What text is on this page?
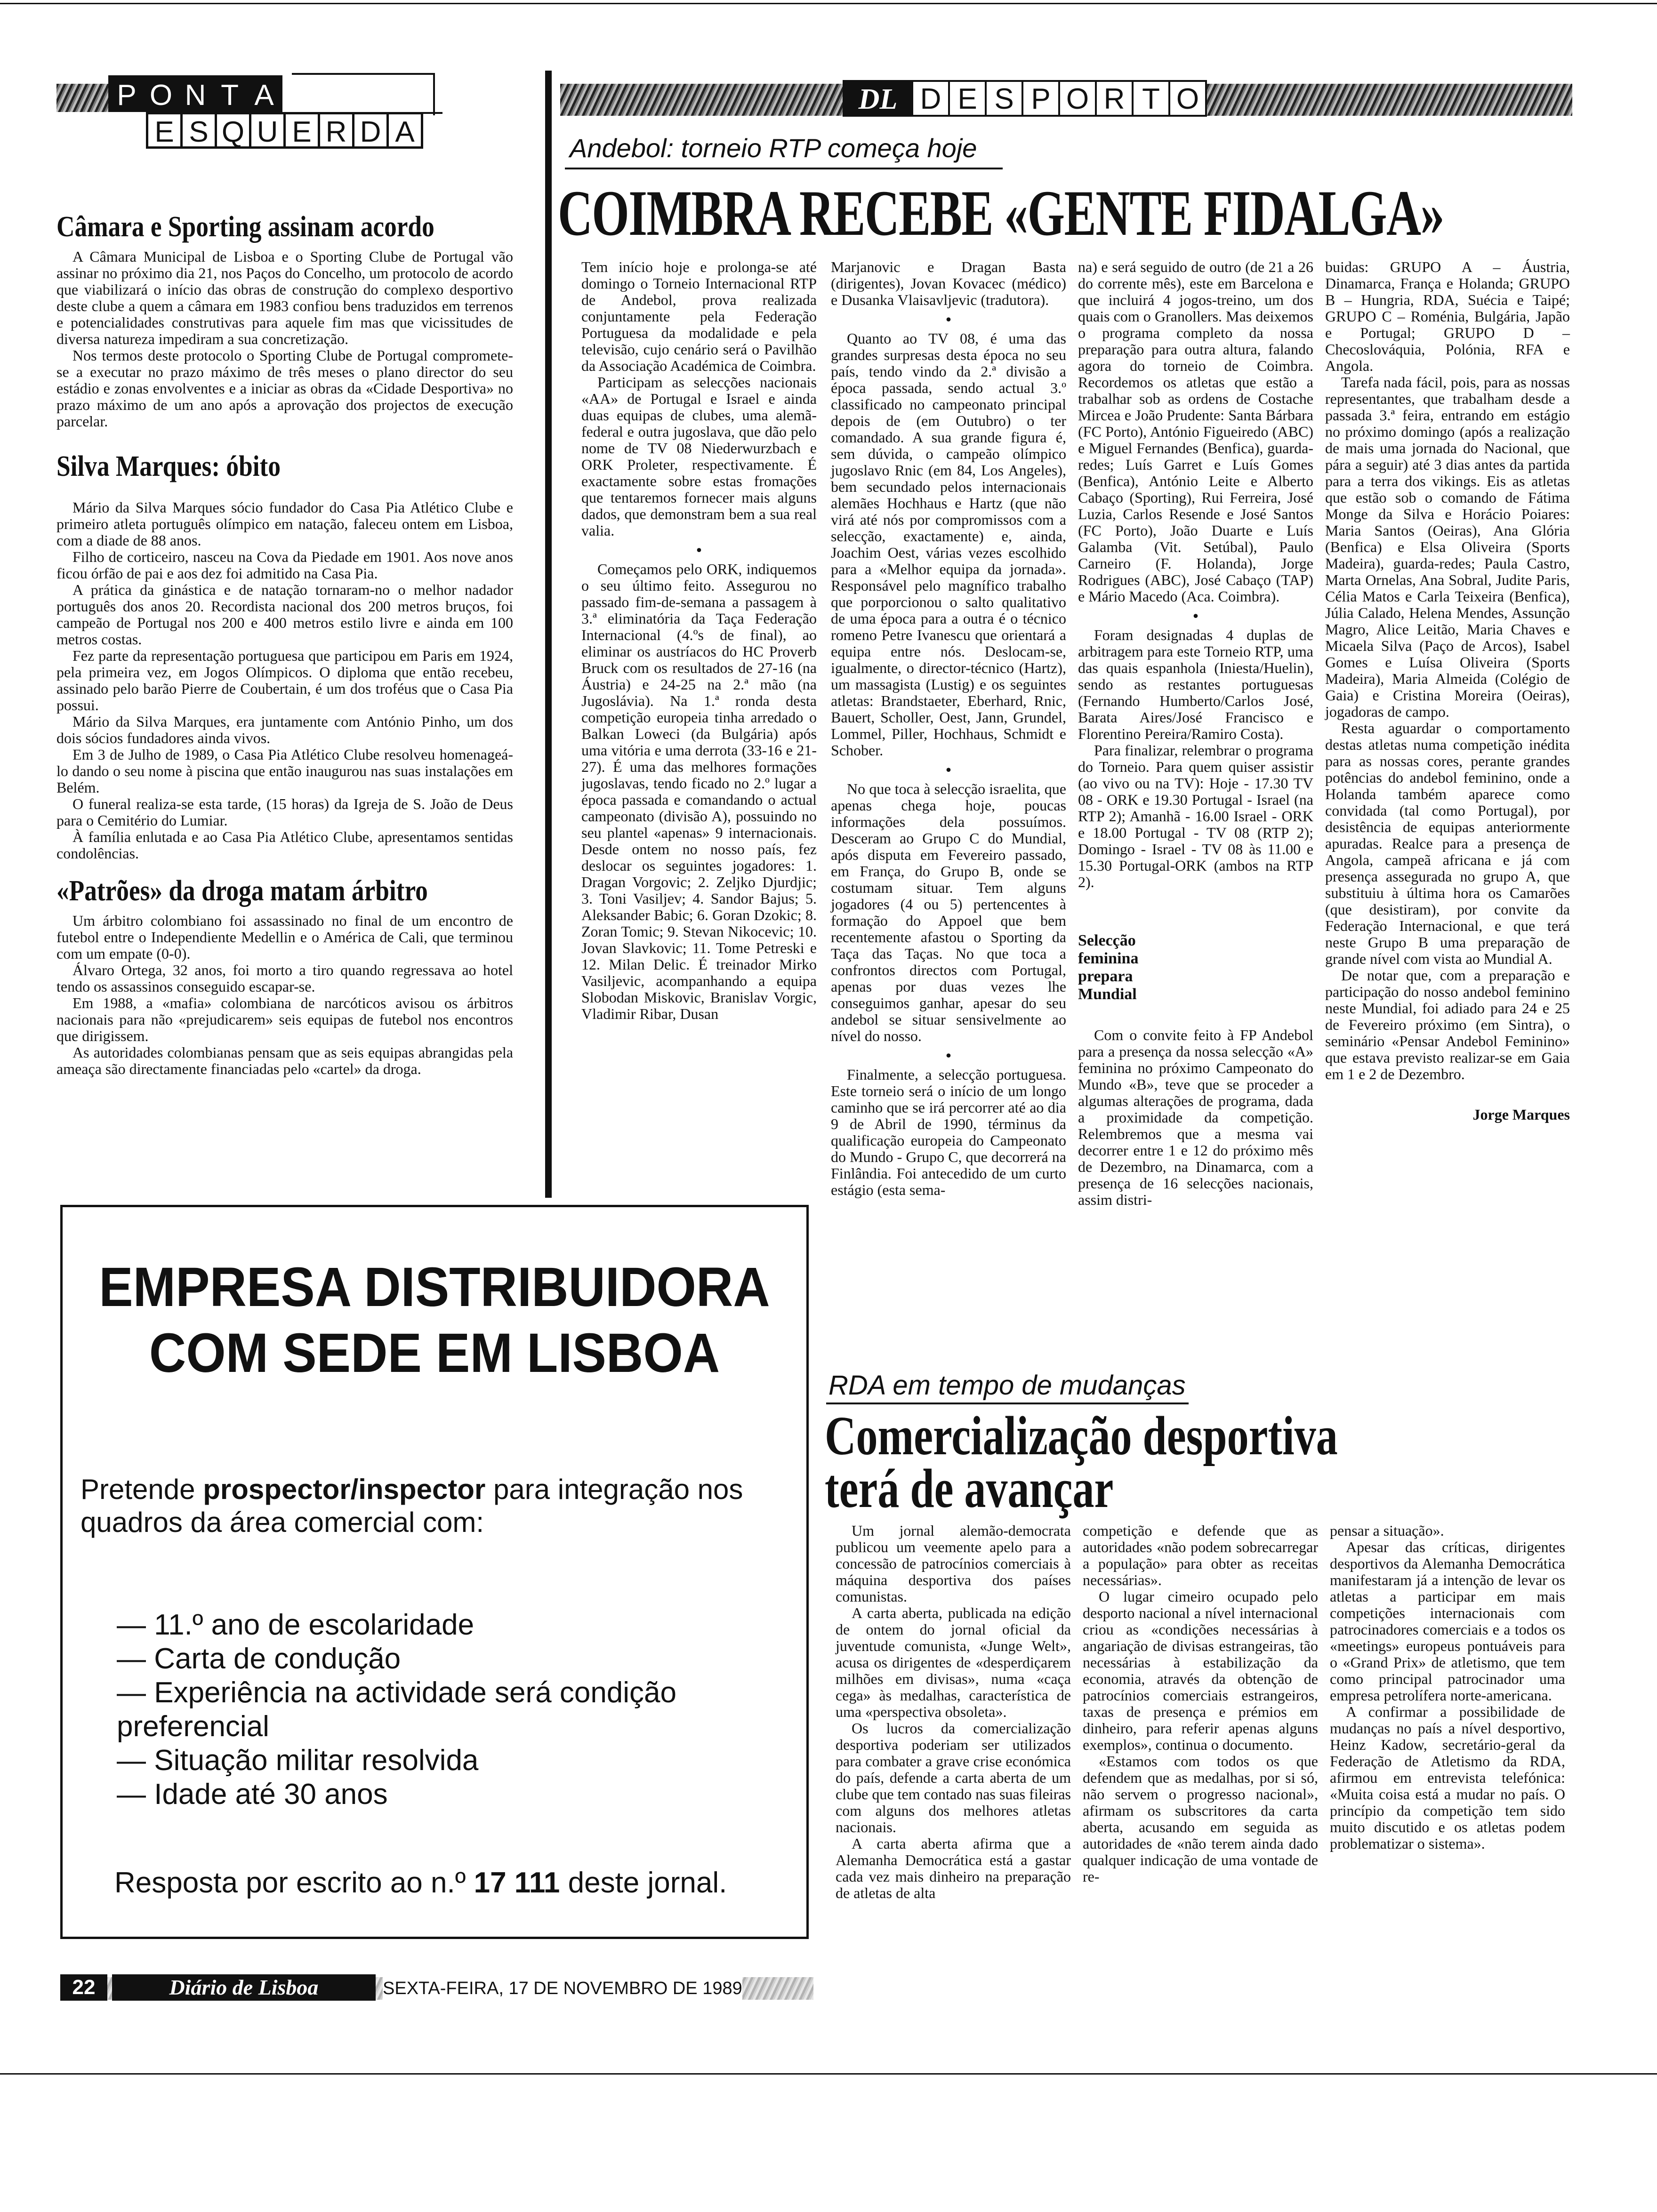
P O N T A
E S Q U E R D A
DL D E S P O R T O
Andebol: torneio RTP começa hoje
COIMBRA RECEBE «GENTE FIDALGA»
Câmara e Sporting assinam acordo

A Câmara Municipal de Lisboa e o Sporting Clube de Portugal vão assinar no próximo dia 21, nos Paços do Concelho, um protocolo de acordo que viabilizará o início das obras de construção do complexo desportivo deste clube a quem a câmara em 1983 confiou bens traduzidos em terrenos e potencialidades construtivas para aquele fim mas que vicissitudes de diversa natureza impediram a sua concretização.

Nos termos deste protocolo o Sporting Clube de Portugal compromete-se a executar no prazo máximo de três meses o plano director do seu estádio e zonas envolventes e a iniciar as obras da «Cidade Desportiva» no prazo máximo de um ano após a aprovação dos projectos de execução parcelar.

Silva Marques: óbito

Mário da Silva Marques sócio fundador do Casa Pia Atlético Clube e primeiro atleta português olímpico em natação, faleceu ontem em Lisboa, com a diade de 88 anos.

Filho de corticeiro, nasceu na Cova da Piedade em 1901. Aos nove anos ficou órfão de pai e aos dez foi admitido na Casa Pia.

A prática da ginástica e de natação tornaram-no o melhor nadador português dos anos 20. Recordista nacional dos 200 metros bruços, foi campeão de Portugal nos 200 e 400 metros estilo livre e ainda em 100 metros costas.

Fez parte da representação portuguesa que participou em Paris em 1924, pela primeira vez, em Jogos Olímpicos. O diploma que então recebeu, assinado pelo barão Pierre de Coubertain, é um dos troféus que o Casa Pia possui.

Mário da Silva Marques, era juntamente com António Pinho, um dos dois sócios fundadores ainda vivos.

Em 3 de Julho de 1989, o Casa Pia Atlético Clube resolveu homenageá-lo dando o seu nome à piscina que então inaugurou nas suas instalações em Belém.

O funeral realiza-se esta tarde, (15 horas) da Igreja de S. João de Deus para o Cemitério do Lumiar.

À família enlutada e ao Casa Pia Atlético Clube, apresentamos sentidas condolências.

«Patrões» da droga matam árbitro

Um árbitro colombiano foi assassinado no final de um encontro de futebol entre o Independiente Medellin e o América de Cali, que terminou com um empate (0-0).

Álvaro Ortega, 32 anos, foi morto a tiro quando regressava ao hotel tendo os assassinos conseguido escapar-se.

Em 1988, a «mafia» colombiana de narcóticos avisou os árbitros nacionais para não «prejudicarem» seis equipas de futebol nos encontros que dirigissem.

As autoridades colombianas pensam que as seis equipas abrangidas pela ameaça são directamente financiadas pelo «cartel» da droga.

Tem início hoje e prolonga-se até domingo o Torneio Internacional RTP de Andebol, prova realizada conjuntamente pela Federação Portuguesa da modalidade e pela televisão, cujo cenário será o Pavilhão da Associação Académica de Coimbra.

Participam as selecções nacionais «AA» de Portugal e Israel e ainda duas equipas de clubes, uma alemã-federal e outra jugoslava, que dão pelo nome de TV 08 Niederwurzbach e ORK Proleter, respectivamente. É exactamente sobre estas fromações que tentaremos fornecer mais alguns dados, que demonstram bem a sua real valia.

•

Começamos pelo ORK, indiquemos o seu último feito. Assegurou no passado fim-de-semana a passagem à 3.ª eliminatória da Taça Federação Internacional (4.ºs de final), ao eliminar os austríacos do HC Proverb Bruck com os resultados de 27-16 (na Áustria) e 24-25 na 2.ª mão (na Jugoslávia). Na 1.ª ronda desta competição europeia tinha arredado o Balkan Loweci (da Bulgária) após uma vitória e uma derrota (33-16 e 21-27). É uma das melhores formações jugoslavas, tendo ficado no 2.º lugar a época passada e comandando o actual campeonato (divisão A), possuindo no seu plantel «apenas» 9 internacionais. Desde ontem no nosso país, fez deslocar os seguintes jogadores: 1. Dragan Vorgovic; 2. Zeljko Djurdjic; 3. Toni Vasiljev; 4. Sandor Bajus; 5. Aleksander Babic; 6. Goran Dzokic; 8. Zoran Tomic; 9. Stevan Nikocevic; 10. Jovan Slavkovic; 11. Tome Petreski e 12. Milan Delic. É treinador Mirko Vasiljevic, acompanhando a equipa Slobodan Miskovic, Branislav Vorgic, Vladimir Ribar, Dusan

Marjanovic e Dragan Basta (dirigentes), Jovan Kovacec (médico) e Dusanka Vlaisavljevic (tradutora).

•

Quanto ao TV 08, é uma das grandes surpresas desta época no seu país, tendo vindo da 2.ª divisão a época passada, sendo actual 3.º classificado no campeonato principal depois de (em Outubro) o ter comandado. A sua grande figura é, sem dúvida, o campeão olímpico jugoslavo Rnic (em 84, Los Angeles), bem secundado pelos internacionais alemães Hochhaus e Hartz (que não virá até nós por compromissos com a selecção, exactamente) e, ainda, Joachim Oest, várias vezes escolhido para a «Melhor equipa da jornada». Responsável pelo magnífico trabalho que porporcionou o salto qualitativo de uma época para a outra é o técnico romeno Petre Ivanescu que orientará a equipa entre nós. Deslocam-se, igualmente, o director-técnico (Hartz), um massagista (Lustig) e os seguintes atletas: Brandstaeter, Eberhard, Rnic, Bauert, Scholler, Oest, Jann, Grundel, Lommel, Piller, Hochhaus, Schmidt e Schober.

•

No que toca à selecção israelita, que apenas chega hoje, poucas informações dela possuímos. Desceram ao Grupo C do Mundial, após disputa em Fevereiro passado, em França, do Grupo B, onde se costumam situar. Tem alguns jogadores (4 ou 5) pertencentes à formação do Appoel que bem recentemente afastou o Sporting da Taça das Taças. No que toca a confrontos directos com Portugal, apenas por duas vezes lhe conseguimos ganhar, apesar do seu andebol se situar sensivelmente ao nível do nosso.

•

Finalmente, a selecção portuguesa. Este torneio será o início de um longo caminho que se irá percorrer até ao dia 9 de Abril de 1990, términus da qualificação europeia do Campeonato do Mundo - Grupo C, que decorrerá na Finlândia. Foi antecedido de um curto estágio (esta sema-

na) e será seguido de outro (de 21 a 26 do corrente mês), este em Barcelona e que incluirá 4 jogos-treino, um dos quais com o Granollers. Mas deixemos o programa completo da nossa preparação para outra altura, falando agora do torneio de Coimbra. Recordemos os atletas que estão a trabalhar sob as ordens de Costache Mircea e João Prudente: Santa Bárbara (FC Porto), António Figueiredo (ABC) e Miguel Fernandes (Benfica), guarda-redes; Luís Garret e Luís Gomes (Benfica), António Leite e Alberto Cabaço (Sporting), Rui Ferreira, José Luzia, Carlos Resende e José Santos (FC Porto), João Duarte e Luís Galamba (Vit. Setúbal), Paulo Carneiro (F. Holanda), Jorge Rodrigues (ABC), José Cabaço (TAP) e Mário Macedo (Aca. Coimbra).

•

Foram designadas 4 duplas de arbitragem para este Torneio RTP, uma das quais espanhola (Iniesta/Huelin), sendo as restantes portuguesas (Fernando Humberto/Carlos José, Barata Aires/José Francisco e Florentino Pereira/Ramiro Costa).

Para finalizar, relembrar o programa do Torneio. Para quem quiser assistir (ao vivo ou na TV): Hoje - 17.30 TV 08 - ORK e 19.30 Portugal - Israel (na RTP 2); Amanhã - 16.00 Israel - ORK e 18.00 Portugal - TV 08 (RTP 2); Domingo - Israel - TV 08 às 11.00 e 15.30 Portugal-ORK (ambos na RTP 2).

Selecção feminina prepara Mundial

Com o convite feito à FP Andebol para a presença da nossa selecção «A» feminina no próximo Campeonato do Mundo «B», teve que se proceder a algumas alterações de programa, dada a proximidade da competição. Relembremos que a mesma vai decorrer entre 1 e 12 do próximo mês de Dezembro, na Dinamarca, com a presença de 16 selecções nacionais, assim distri-

buidas: GRUPO A – Áustria, Dinamarca, França e Holanda; GRUPO B – Hungria, RDA, Suécia e Taipé; GRUPO C – Roménia, Bulgária, Japão e Portugal; GRUPO D – Checoslováquia, Polónia, RFA e Angola.

Tarefa nada fácil, pois, para as nossas representantes, que trabalham desde a passada 3.ª feira, entrando em estágio no próximo domingo (após a realização de mais uma jornada do Nacional, que pára a seguir) até 3 dias antes da partida para a terra dos vikings. Eis as atletas que estão sob o comando de Fátima Monge da Silva e Horácio Poiares: Maria Santos (Oeiras), Ana Glória (Benfica) e Elsa Oliveira (Sports Madeira), guarda-redes; Paula Castro, Marta Ornelas, Ana Sobral, Judite Paris, Célia Matos e Carla Teixeira (Benfica), Júlia Calado, Helena Mendes, Assunção Magro, Alice Leitão, Maria Chaves e Micaela Silva (Paço de Arcos), Isabel Gomes e Luísa Oliveira (Sports Madeira), Maria Almeida (Colégio de Gaia) e Cristina Moreira (Oeiras), jogadoras de campo.

Resta aguardar o comportamento destas atletas numa competição inédita para as nossas cores, perante grandes potências do andebol feminino, onde a Holanda também aparece como convidada (tal como Portugal), por desistência de equipas anteriormente apuradas. Realce para a presença de Angola, campeã africana e já com presença assegurada no grupo A, que substituiu à última hora os Camarões (que desistiram), por convite da Federação Internacional, e que terá neste Grupo B uma preparação de grande nível com vista ao Mundial A.

De notar que, com a preparação e participação do nosso andebol feminino neste Mundial, foi adiado para 24 e 25 de Fevereiro próximo (em Sintra), o seminário «Pensar Andebol Feminino» que estava previsto realizar-se em Gaia em 1 e 2 de Dezembro.

Jorge Marques
RDA em tempo de mudanças
Comercialização desportiva
terá de avançar

Um jornal alemão-democrata publicou um veemente apelo para a concessão de patrocínios comerciais à máquina desportiva dos países comunistas.

A carta aberta, publicada na edição de ontem do jornal oficial da juventude comunista, «Junge Welt», acusa os dirigentes de «desperdiçarem milhões em divisas», numa «caça cega» às medalhas, característica de uma «perspectiva obsoleta».

Os lucros da comercialização desportiva poderiam ser utilizados para combater a grave crise económica do país, defende a carta aberta de um clube que tem contado nas suas fileiras com alguns dos melhores atletas nacionais.

A carta aberta afirma que a Alemanha Democrática está a gastar cada vez mais dinheiro na preparação de atletas de alta

competição e defende que as autoridades «não podem sobrecarregar a população» para obter as receitas necessárias».

O lugar cimeiro ocupado pelo desporto nacional a nível internacional criou as «condições necessárias à angariação de divisas estrangeiras, tão necessárias à estabilização da economia, através da obtenção de patrocínios comerciais estrangeiros, taxas de presença e prémios em dinheiro, para referir apenas alguns exemplos», continua o documento.

«Estamos com todos os que defendem que as medalhas, por si só, não servem o progresso nacional», afirmam os subscritores da carta aberta, acusando em seguida as autoridades de «não terem ainda dado qualquer indicação de uma vontade de re-

pensar a situação».

Apesar das críticas, dirigentes desportivos da Alemanha Democrática manifestaram já a intenção de levar os atletas a participar em mais competições internacionais com patrocinadores comerciais e a todos os «meetings» europeus pontuáveis para o «Grand Prix» de atletismo, que tem como principal patrocinador uma empresa petrolífera norte-americana.

A confirmar a possibilidade de mudanças no país a nível desportivo, Heinz Kadow, secretário-geral da Federação de Atletismo da RDA, afirmou em entrevista telefónica: «Muita coisa está a mudar no país. O princípio da competição tem sido muito discutido e os atletas podem problematizar o sistema».

EMPRESA DISTRIBUIDORA
COM SEDE EM LISBOA
Pretende prospector/inspector para integração nos quadros da área comercial com:
— 11.º ano de escolaridade
— Carta de condução
— Experiência na actividade será condição preferencial
— Situação militar resolvida
— Idade até 30 anos
Resposta por escrito ao n.º 17 111 deste jornal.
22	Diário de Lisboa	SEXTA-FEIRA, 17 DE NOVEMBRO DE 1989
